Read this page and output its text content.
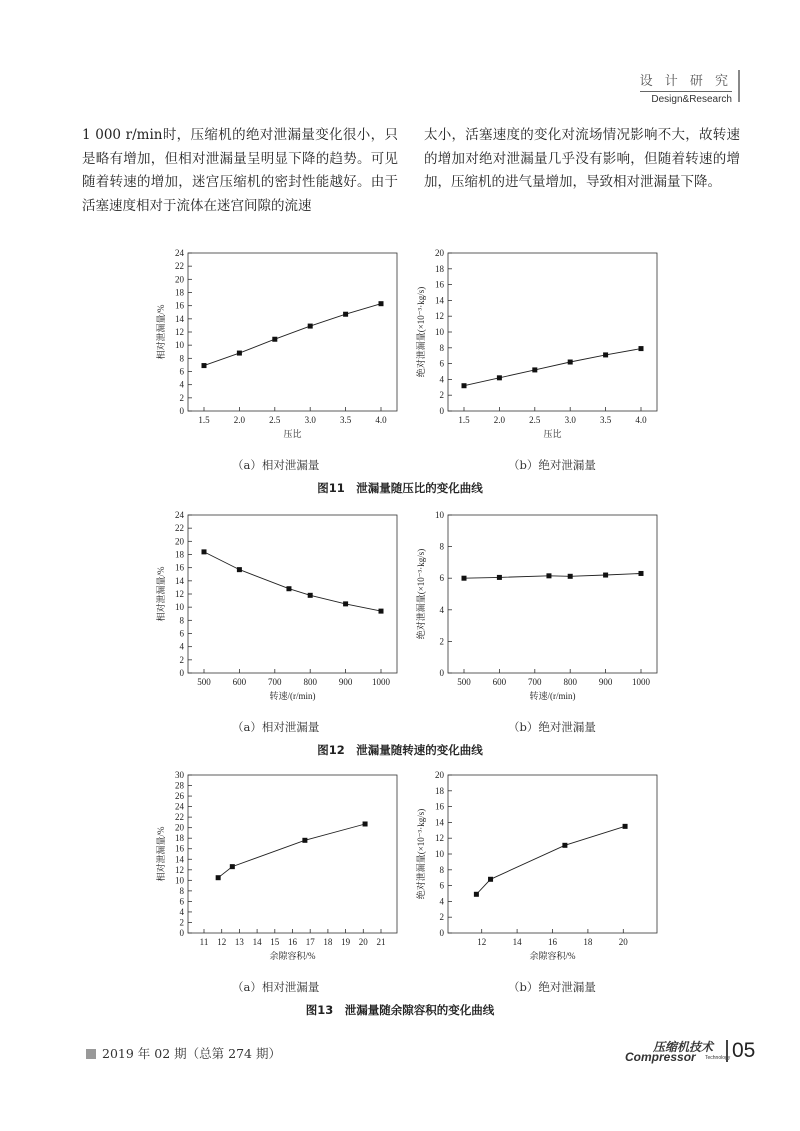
设 计 研 究
Design&Research
1 000 r/min时，压缩机的绝对泄漏量变化很小，只是略有增加，但相对泄漏量呈明显下降的趋势。可见随着转速的增加，迷宫压缩机的密封性能越好。由于活塞速度相对于流体在迷宫间隙的流速
太小，活塞速度的变化对流场情况影响不大，故转速的增加对绝对泄漏量几乎没有影响，但随着转速的增加，压缩机的进气量增加，导致相对泄漏量下降。
0
2
4
6
8
10
12
14
16
18
20
22
24
1.5	2.0	2.5	3.0	3.5	4.0
压比
相对泄漏量/%
0
2
4
6
8
10
12
14
16
18
20
1.5	2.0	2.5	3.0	3.5	4.0
压比
绝对泄漏量(×10⁻³·kg/s)
（a）相对泄漏量	（b）绝对泄漏量
图11　泄漏量随压比的变化曲线
0
2
4
6
8
10
12
14
16
18
20
22
24
500 600 700 800 900 1000
转速/(r/min)
相对泄漏量/%
0
2
4
6
8
10
500 600 700 800 900 1000
转速/(r/min)
绝对泄漏量(×10⁻³·kg/s)
（a）相对泄漏量	（b）绝对泄漏量
图12　泄漏量随转速的变化曲线
0
2
4
6
8
10
12
14
16
18
20
22
24
26
28
30
11 12 13 14 15 16 17 18 19 20 21
余隙容积/%
相对泄漏量/%
0
2
4
6
8
10
12
14
16
18
20
12	14	16	18	20
余隙容积/%
绝对泄漏量(×10⁻³·kg/s)
（a）相对泄漏量	（b）绝对泄漏量
图13　泄漏量随余隙容积的变化曲线
2019 年 02 期（总第 274 期）	压缩机技术
Compressor Technology 05
